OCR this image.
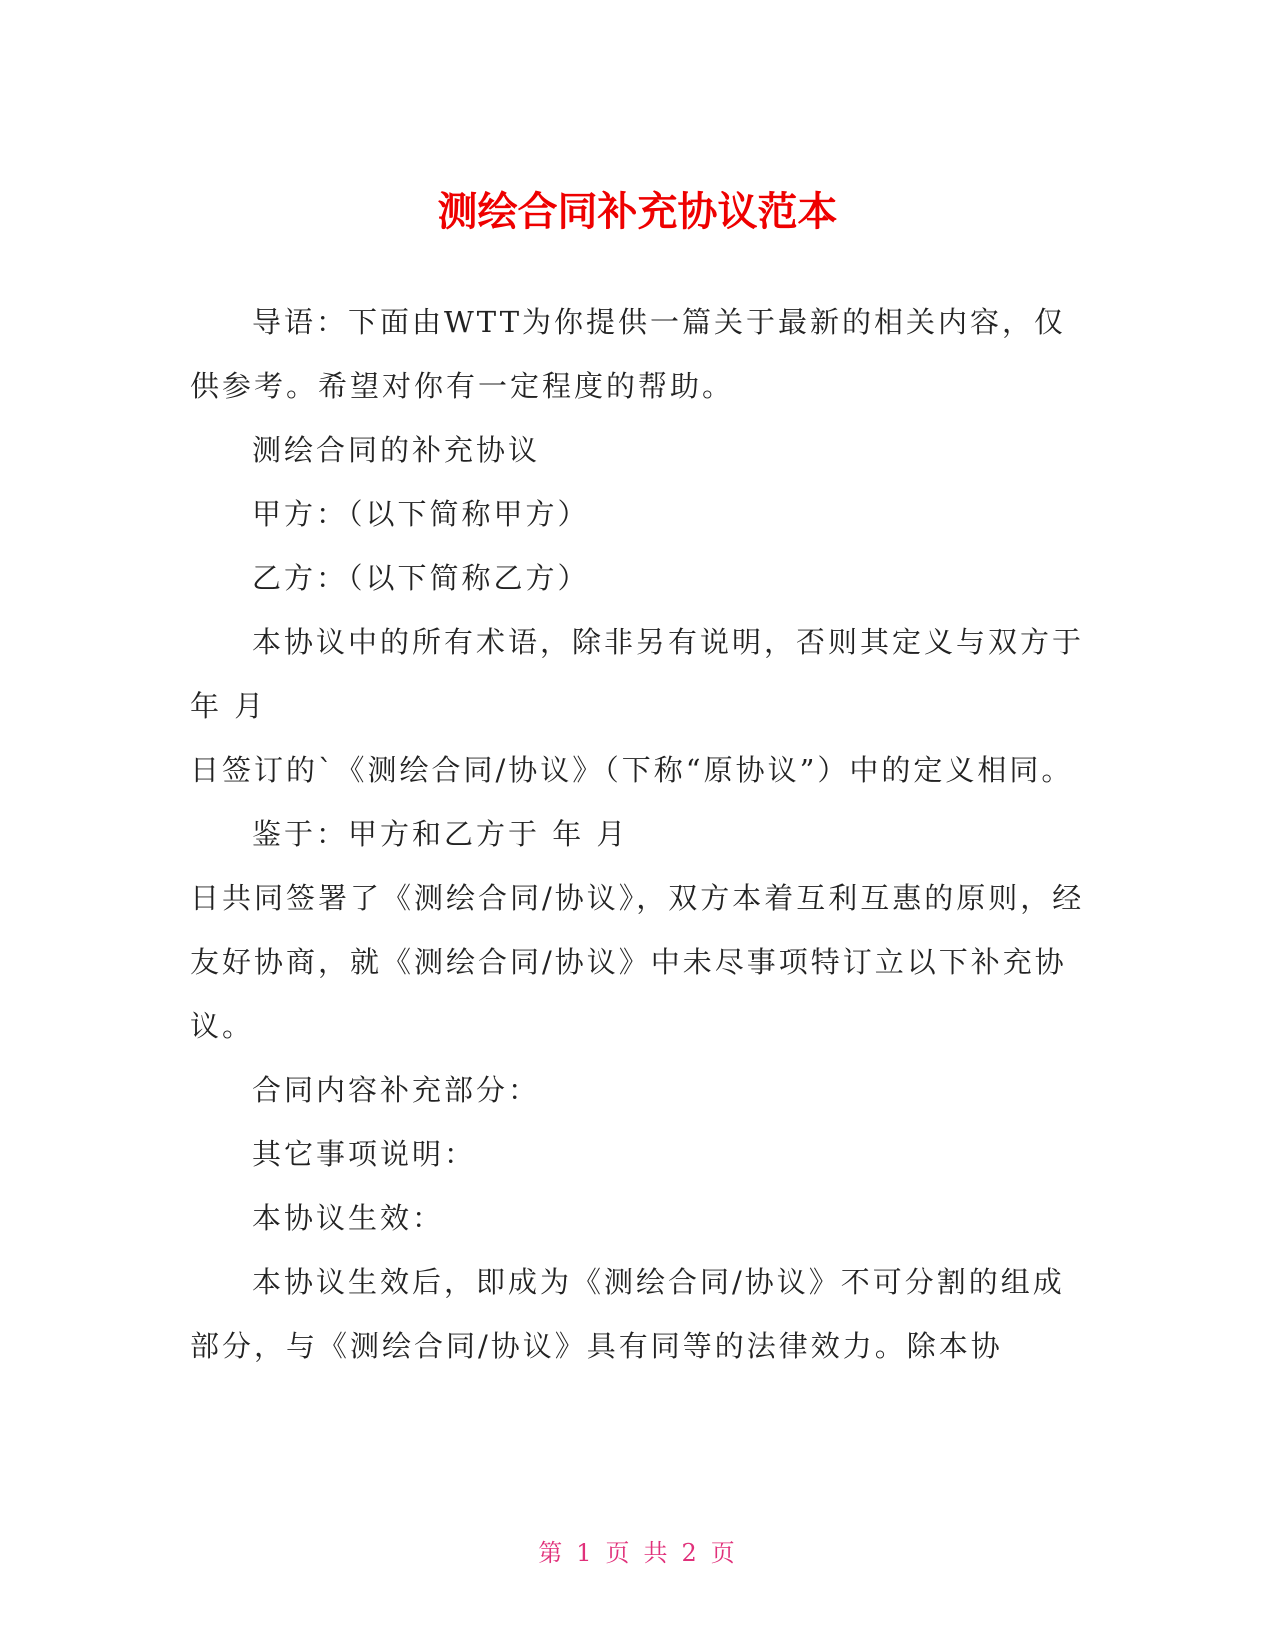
测绘合同补充协议范本

导语：下面由WTT为你提供一篇关于最新的相关内容，仅供参考。希望对你有一定程度的帮助。

测绘合同的补充协议

甲方：（以下简称甲方）

乙方：（以下简称乙方）

本协议中的所有术语，除非另有说明，否则其定义与双方于 年 月

日签订的`《测绘合同/协议》（下称“原协议”）中的定义相同。

鉴于：甲方和乙方于 年 月

日共同签署了《测绘合同/协议》，双方本着互利互惠的原则，经友好协商，就《测绘合同/协议》中未尽事项特订立以下补充协议。

合同内容补充部分：

其它事项说明：

本协议生效：

本协议生效后，即成为《测绘合同/协议》不可分割的组成部分，与《测绘合同/协议》具有同等的法律效力。除本协

第 1 页 共 2 页
